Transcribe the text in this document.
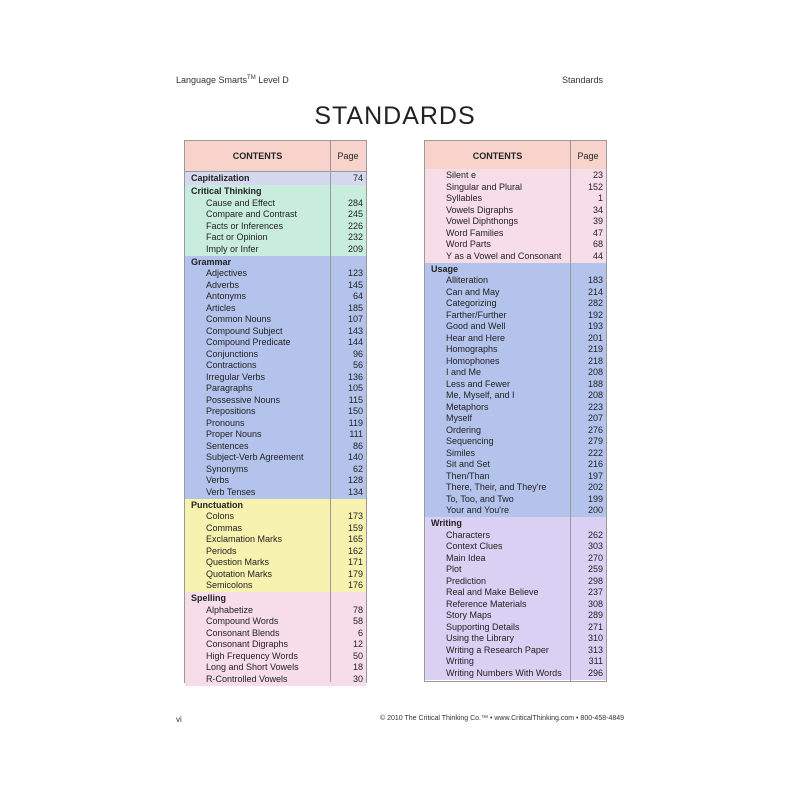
Language Smarts™ Level D	Standards
STANDARDS
CONTENTS	Page
Capitalization	74
Critical Thinking
Cause and Effect	284
Compare and Contrast	245
Facts or Inferences	226
Fact or Opinion	232
Imply or Infer	209
Grammar
Adjectives	123
Adverbs	145
Antonyms	64
Articles	185
Common Nouns	107
Compound Subject	143
Compound Predicate	144
Conjunctions	96
Contractions	56
Irregular Verbs	136
Paragraphs	105
Possessive Nouns	115
Prepositions	150
Pronouns	119
Proper Nouns	111
Sentences	86
Subject-Verb Agreement	140
Synonyms	62
Verbs	128
Verb Tenses	134
Punctuation
Colons	173
Commas	159
Exclamation Marks	165
Periods	162
Question Marks	171
Quotation Marks	179
Semicolons	176
Spelling
Alphabetize	78
Compound Words	58
Consonant Blends	6
Consonant Digraphs	12
High Frequency Words	50
Long and Short Vowels	18
R-Controlled Vowels	30
CONTENTS	Page
Silent e	23
Singular and Plural	152
Syllables	1
Vowels Digraphs	34
Vowel Diphthongs	39
Word Families	47
Word Parts	68
Y as a Vowel and Consonant	44
Usage
Alliteration	183
Can and May	214
Categorizing	282
Farther/Further	192
Good and Well	193
Hear and Here	201
Homographs	219
Homophones	218
I and Me	208
Less and Fewer	188
Me, Myself, and I	208
Metaphors	223
Myself	207
Ordering	276
Sequencing	279
Similes	222
Sit and Set	216
Then/Than	197
There, Their, and They're	202
To, Too, and Two	199
Your and You're	200
Writing
Characters	262
Context Clues	303
Main Idea	270
Plot	259
Prediction	298
Real and Make Believe	237
Reference Materials	308
Story Maps	289
Supporting Details	271
Using the Library	310
Writing a Research Paper	313
Writing	311
Writing Numbers With Words	296
vi	© 2010 The Critical Thinking Co.™ • www.CriticalThinking.com • 800-458-4849
